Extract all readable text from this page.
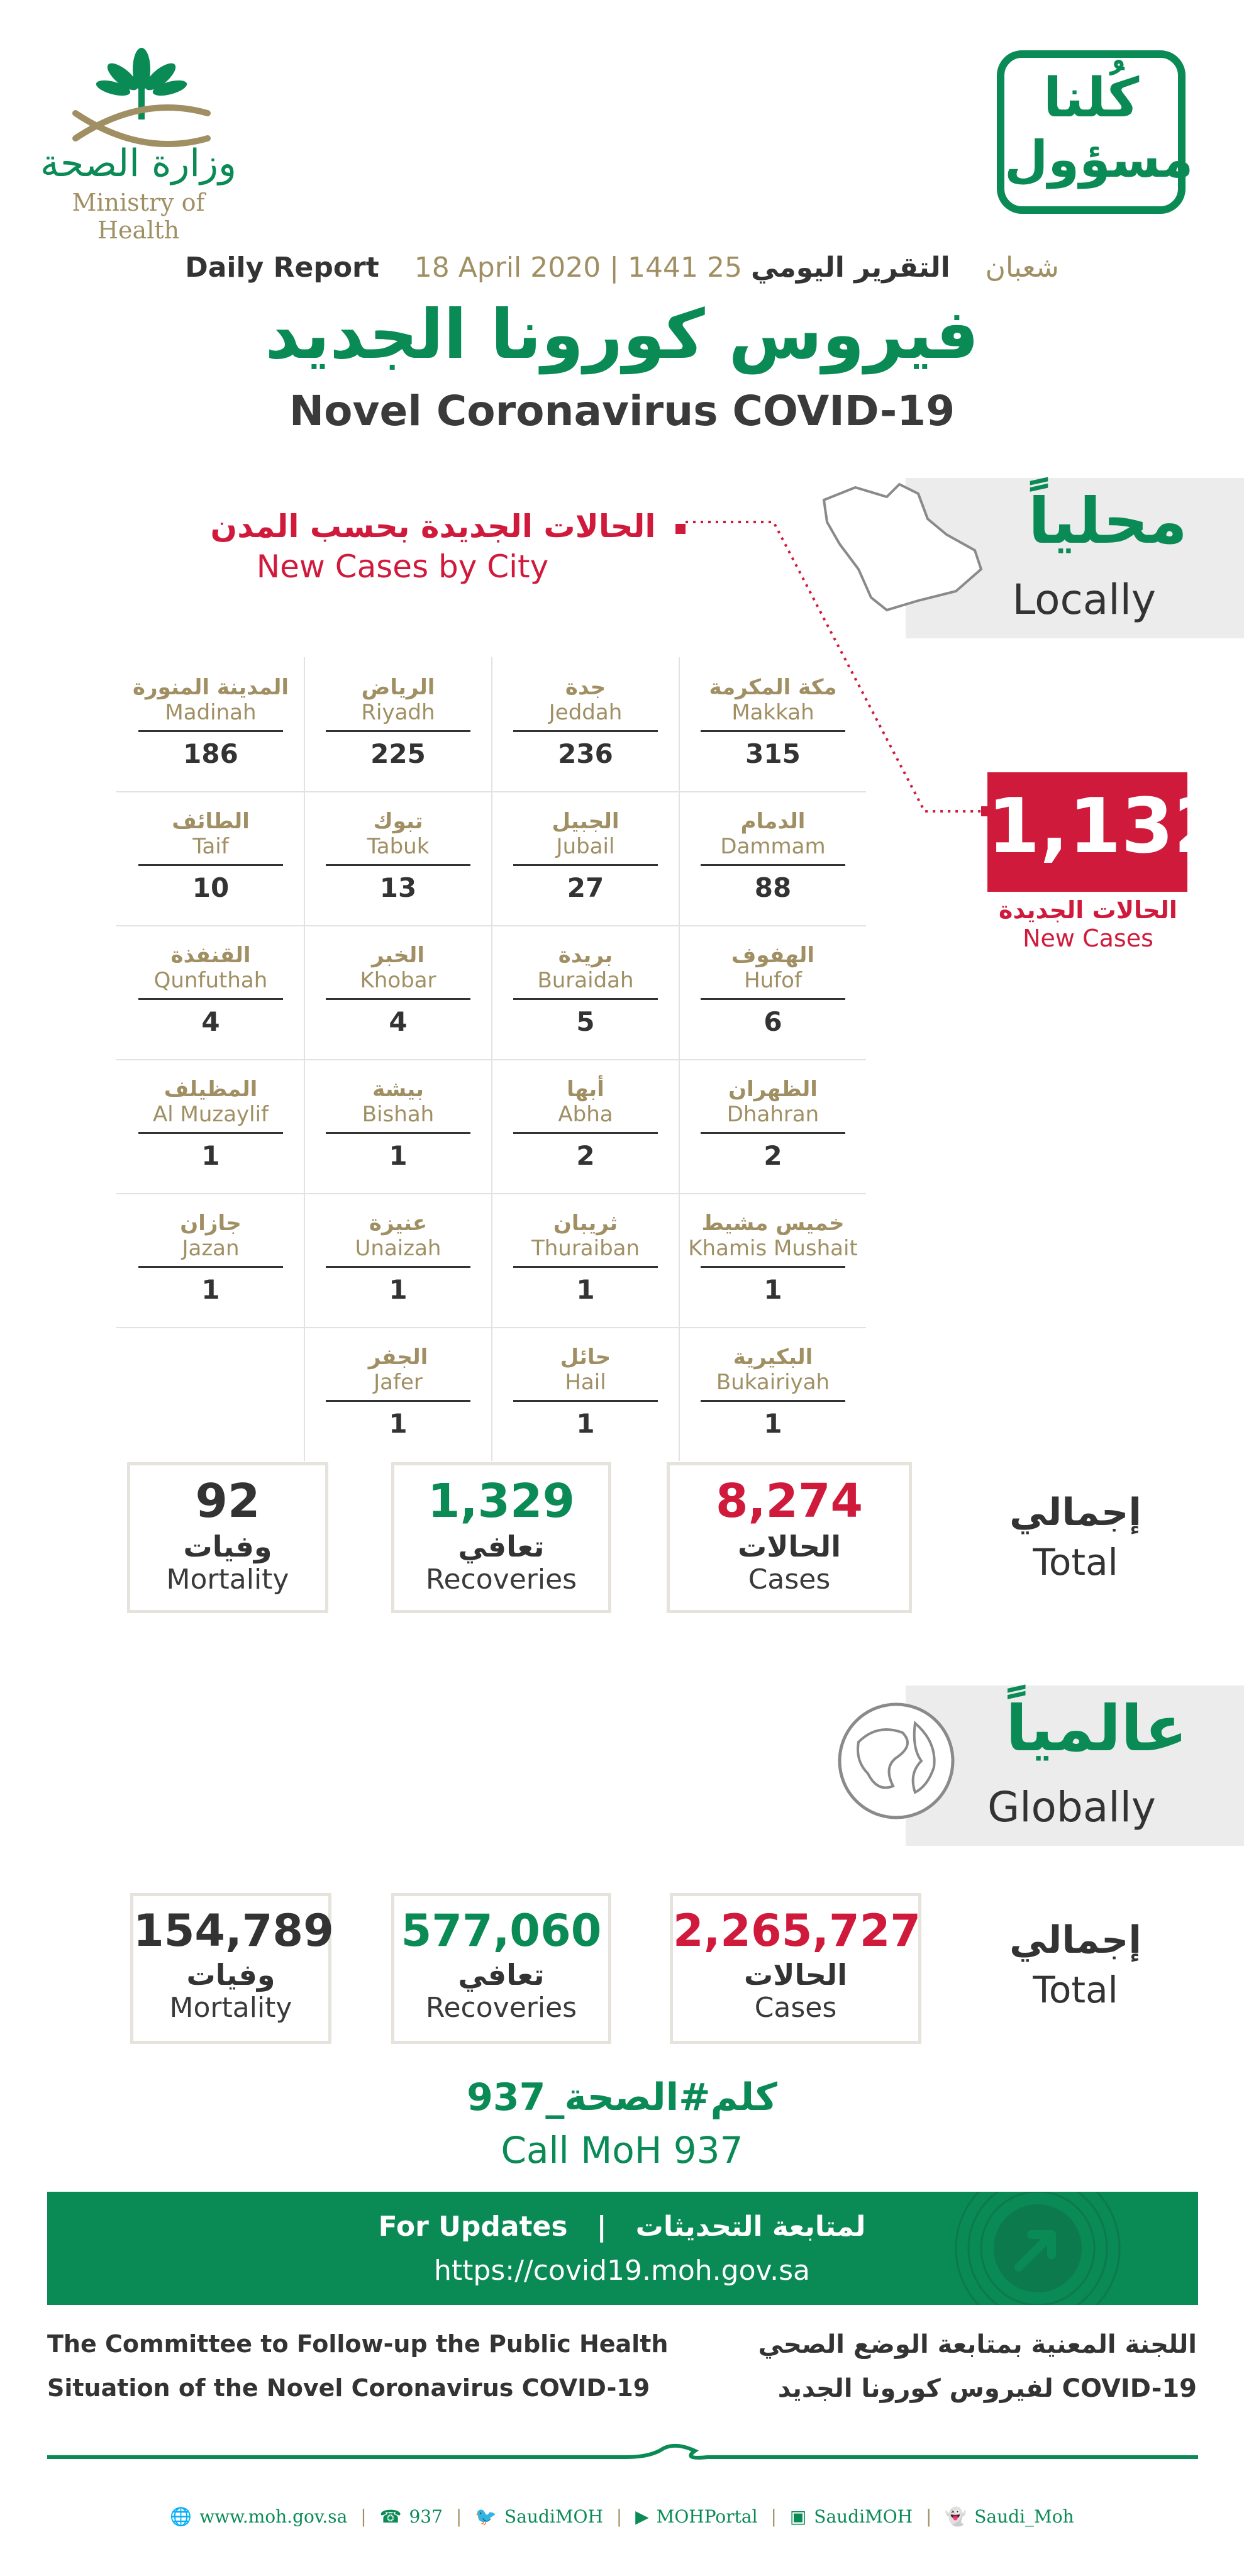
وزارة الصحة
Ministry of Health
كُلنا
مسؤول
Daily Report 18 April 2020 | 1441 25 شعبان    التقرير اليومي
فيروس كورونا الجديد
Novel Coronavirus COVID-19
محلياً
Locally
الحالات الجديدة بحسب المدن
New Cases by City
1,132
الحالات الجديدة
New Cases
مكة المكرمة
Makkah
315
جدة
Jeddah
236
الرياض
Riyadh
225
المدينة المنورة
Madinah
186
الدمام
Dammam
88
الجبيل
Jubail
27
تبوك
Tabuk
13
الطائف
Taif
10
الهفوف
Hufof
6
بريدة
Buraidah
5
الخبر
Khobar
4
القنفذة
Qunfuthah
4
الظهران
Dhahran
2
أبها
Abha
2
بيشة
Bishah
1
المظيلف
Al Muzaylif
1
خميس مشيط
Khamis Mushait
1
ثريبان
Thuraiban
1
عنيزة
Unaizah
1
جازان
Jazan
1
البكيرية
Bukairiyah
1
حائل
Hail
1
الجفر
Jafer
1
8,274
الحالات
Cases
1,329
تعافي
Recoveries
92
وفيات
Mortality
إجمالي
Total
عالمياً
Globally
2,265,727
الحالات
Cases
577,060
تعافي
Recoveries
154,789
وفيات
Mortality
إجمالي
Total
كلم#الصحة_937
Call MoH 937
For Updates | لمتابعة التحديثات
https://covid19.moh.gov.sa
The Committee to Follow-up the Public Health
Situation of the Novel Coronavirus COVID-19
اللجنة المعنية بمتابعة الوضع الصحي
لفيروس كورونا الجديد COVID-19
🌐 www.moh.gov.sa | ☎ 937 | 🐦 SaudiMOH | ▶ MOHPortal | ▣ SaudiMOH | 👻 Saudi_Moh
